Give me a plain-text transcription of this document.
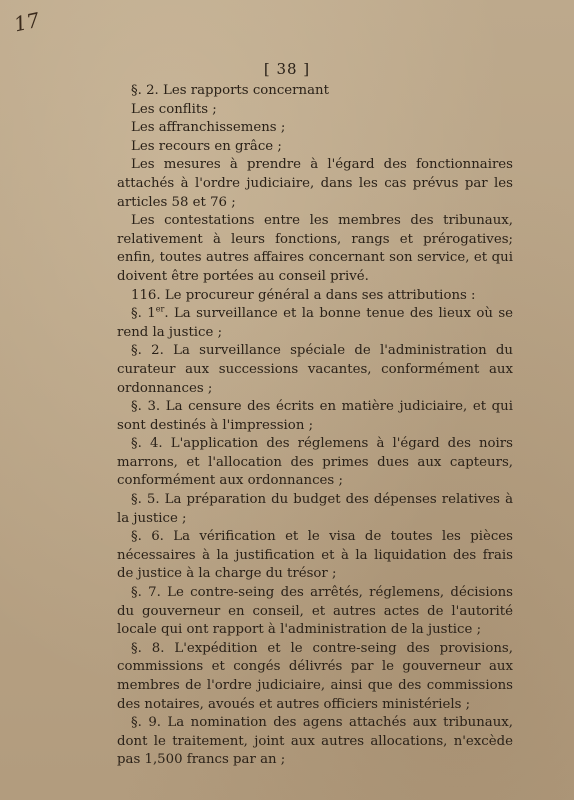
17
[ 38 ]

§. 2. Les rapports concernant

Les conflits ;

Les affranchissemens ;

Les recours en grâce ;

Les mesures à prendre à l'égard des fonctionnaires attachés à l'ordre judiciaire, dans les cas prévus par les articles 58 et 76 ;

Les contestations entre les membres des tribunaux, relativement à leurs fonctions, rangs et prérogatives; enfin, toutes autres affaires concernant son service, et qui doivent être portées au conseil privé.

116. Le procureur général a dans ses attributions :

§. 1er. La surveillance et la bonne tenue des lieux où se rend la justice ;

§. 2. La surveillance spéciale de l'administration du curateur aux successions vacantes, conformément aux ordonnances ;

§. 3. La censure des écrits en matière judiciaire, et qui sont destinés à l'impression ;

§. 4. L'application des réglemens à l'égard des noirs marrons, et l'allocation des primes dues aux capteurs, conformément aux ordonnances ;

§. 5. La préparation du budget des dépenses relatives à la justice ;

§. 6. La vérification et le visa de toutes les pièces nécessaires à la justification et à la liquidation des frais de justice à la charge du trésor ;

§. 7. Le contre-seing des arrêtés, réglemens, décisions du gouverneur en conseil, et autres actes de l'autorité locale qui ont rapport à l'administration de la justice ;

§. 8. L'expédition et le contre-seing des provisions, commissions et congés délivrés par le gouverneur aux membres de l'ordre judiciaire, ainsi que des commissions des notaires, avoués et autres officiers ministériels ;

§. 9. La nomination des agens attachés aux tribunaux, dont le traitement, joint aux autres allocations, n'excède pas 1,500 francs par an ;
